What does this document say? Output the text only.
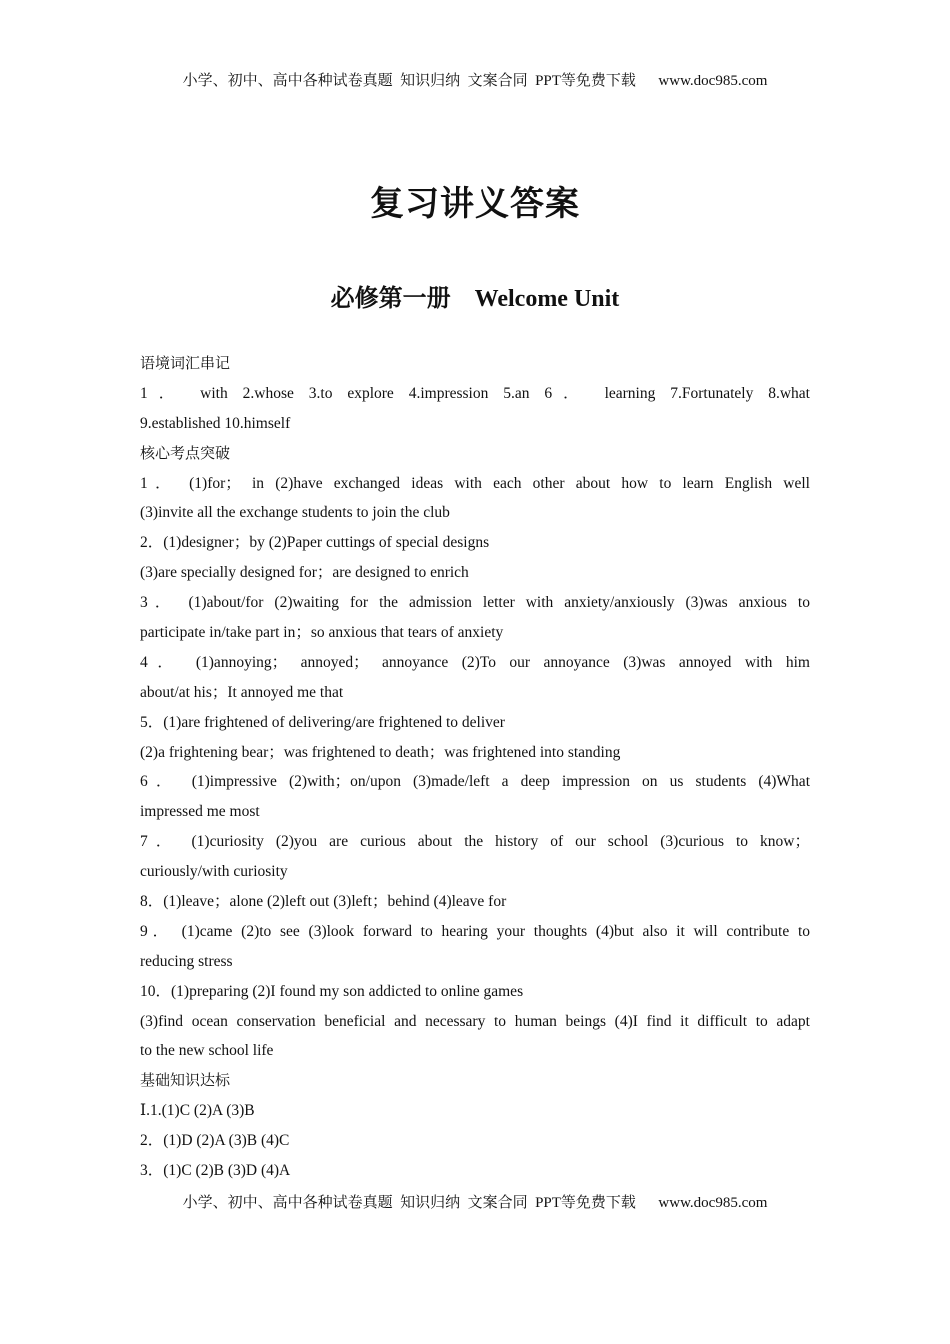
小学、初中、高中各种试卷真题  知识归纳  文案合同  PPT等免费下载      www.doc985.com
复习讲义答案
必修第一册    Welcome Unit
语境词汇串记
1． with 2.whose 3.to explore 4.impression 5.an 6． learning 7.Fortunately 8.what
9.established 10.himself
核心考点突破
1． (1)for； in (2)have exchanged ideas with each other about how to learn English well
(3)invite all the exchange students to join the club
2．(1)designer；by (2)Paper cuttings of special designs
(3)are specially designed for；are designed to enrich
3． (1)about/for (2)waiting for the admission letter with anxiety/anxiously (3)was anxious to
participate in/take part in；so anxious that tears of anxiety
4． (1)annoying； annoyed； annoyance (2)To our annoyance (3)was annoyed with him
about/at his；It annoyed me that
5．(1)are frightened of delivering/are frightened to deliver
(2)a frightening bear；was frightened to death；was frightened into standing
6． (1)impressive (2)with；on/upon (3)made/left a deep impression on us students (4)What
impressed me most
7． (1)curiosity (2)you are curious about the history of our school (3)curious to know；
curiously/with curiosity
8．(1)leave；alone (2)left out (3)left；behind (4)leave for
9． (1)came (2)to see (3)look forward to hearing your thoughts (4)but also it will contribute to
reducing stress
10．(1)preparing (2)I found my son addicted to online games
(3)find ocean conservation beneficial and necessary to human beings (4)I find it difficult to adapt
to the new school life
基础知识达标
Ⅰ.1.(1)C (2)A (3)B
2．(1)D (2)A (3)B (4)C
3．(1)C (2)B (3)D (4)A
小学、初中、高中各种试卷真题  知识归纳  文案合同  PPT等免费下载      www.doc985.com
